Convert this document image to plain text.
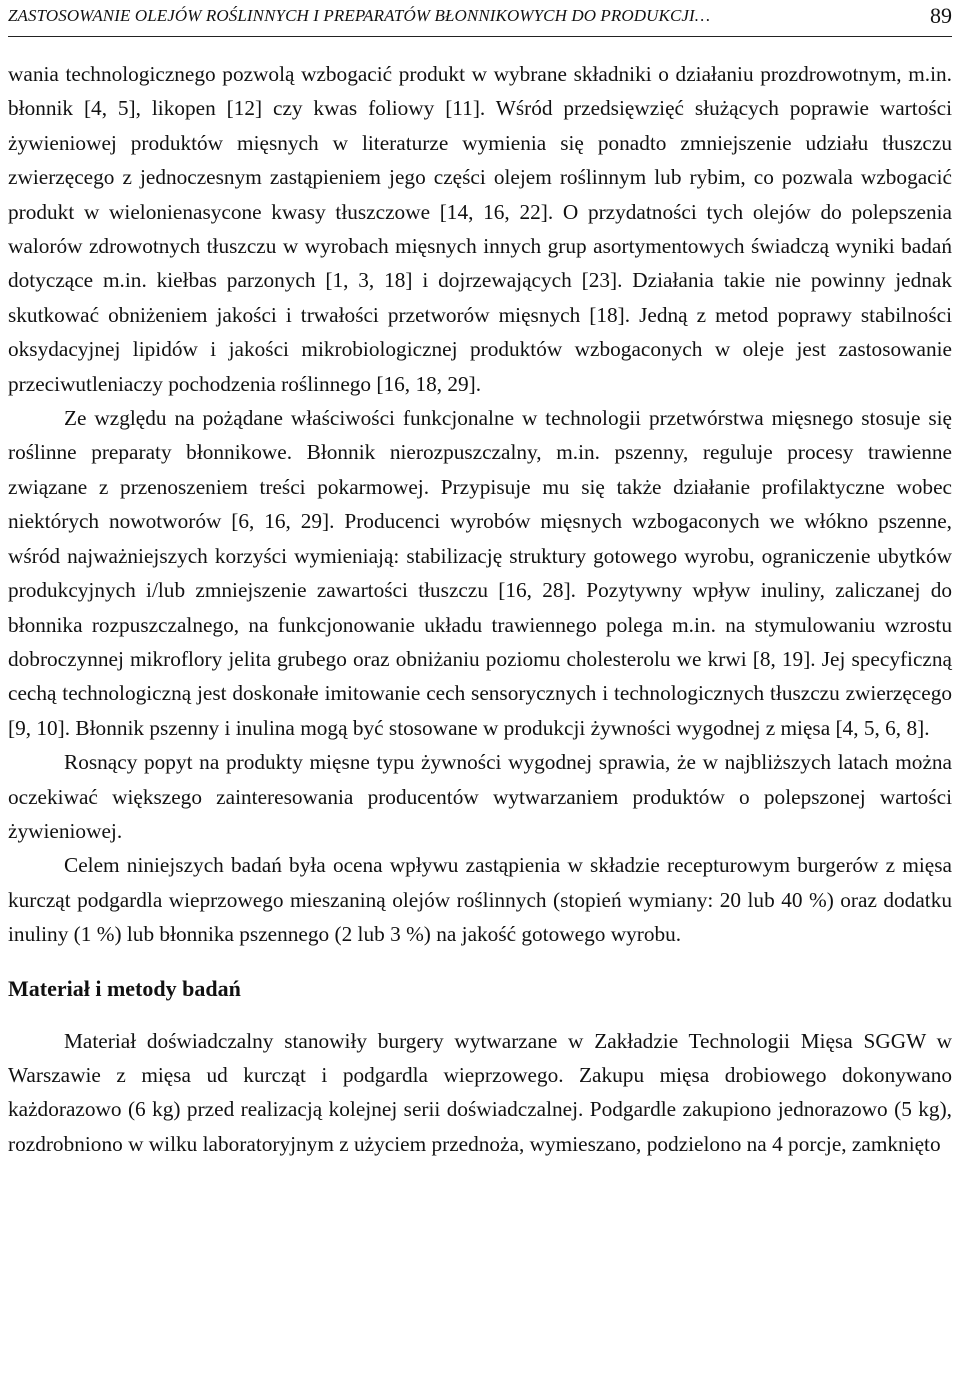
ZASTOSOWANIE OLEJÓW ROŚLINNYCH I PREPARATÓW BŁONNIKOWYCH DO PRODUKCJI…	89

wania technologicznego pozwolą wzbogacić produkt w wybrane składniki o działaniu prozdrowotnym, m.in. błonnik [4, 5], likopen [12] czy kwas foliowy [11]. Wśród przedsięwzięć służących poprawie wartości żywieniowej produktów mięsnych w literaturze wymienia się ponadto zmniejszenie udziału tłuszczu zwierzęcego z jednoczesnym zastąpieniem jego części olejem roślinnym lub rybim, co pozwala wzbogacić produkt w wielonienasycone kwasy tłuszczowe [14, 16, 22]. O przydatności tych olejów do polepszenia walorów zdrowotnych tłuszczu w wyrobach mięsnych innych grup asortymentowych świadczą wyniki badań dotyczące m.in. kiełbas parzonych [1, 3, 18] i dojrzewających [23]. Działania takie nie powinny jednak skutkować obniżeniem jakości i trwałości przetworów mięsnych [18]. Jedną z metod poprawy stabilności oksydacyjnej lipidów i jakości mikrobiologicznej produktów wzbogaconych w oleje jest zastosowanie przeciwutleniaczy pochodzenia roślinnego [16, 18, 29].

Ze względu na pożądane właściwości funkcjonalne w technologii przetwórstwa mięsnego stosuje się roślinne preparaty błonnikowe. Błonnik nierozpuszczalny, m.in. pszenny, reguluje procesy trawienne związane z przenoszeniem treści pokarmowej. Przypisuje mu się także działanie profilaktyczne wobec niektórych nowotworów [6, 16, 29]. Producenci wyrobów mięsnych wzbogaconych we włókno pszenne, wśród najważniejszych korzyści wymieniają: stabilizację struktury gotowego wyrobu, ograniczenie ubytków produkcyjnych i/lub zmniejszenie zawartości tłuszczu [16, 28]. Pozytywny wpływ inuliny, zaliczanej do błonnika rozpuszczalnego, na funkcjonowanie układu trawiennego polega m.in. na stymulowaniu wzrostu dobroczynnej mikroflory jelita grubego oraz obniżaniu poziomu cholesterolu we krwi [8, 19]. Jej specyficzną cechą technologiczną jest doskonałe imitowanie cech sensorycznych i technologicznych tłuszczu zwierzęcego [9, 10]. Błonnik pszenny i inulina mogą być stosowane w produkcji żywności wygodnej z mięsa [4, 5, 6, 8].

Rosnący popyt na produkty mięsne typu żywności wygodnej sprawia, że w najbliższych latach można oczekiwać większego zainteresowania producentów wytwarzaniem produktów o polepszonej wartości żywieniowej.

Celem niniejszych badań była ocena wpływu zastąpienia w składzie recepturowym burgerów z mięsa kurcząt podgardla wieprzowego mieszaniną olejów roślinnych (stopień wymiany: 20 lub 40 %) oraz dodatku inuliny (1 %) lub błonnika pszennego (2 lub 3 %) na jakość gotowego wyrobu.

Materiał i metody badań

Materiał doświadczalny stanowiły burgery wytwarzane w Zakładzie Technologii Mięsa SGGW w Warszawie z mięsa ud kurcząt i podgardla wieprzowego. Zakupu mięsa drobiowego dokonywano każdorazowo (6 kg) przed realizacją kolejnej serii doświadczalnej. Podgardle zakupiono jednorazowo (5 kg), rozdrobniono w wilku laboratoryjnym z użyciem przednoża, wymieszano, podzielono na 4 porcje, zamknięto
